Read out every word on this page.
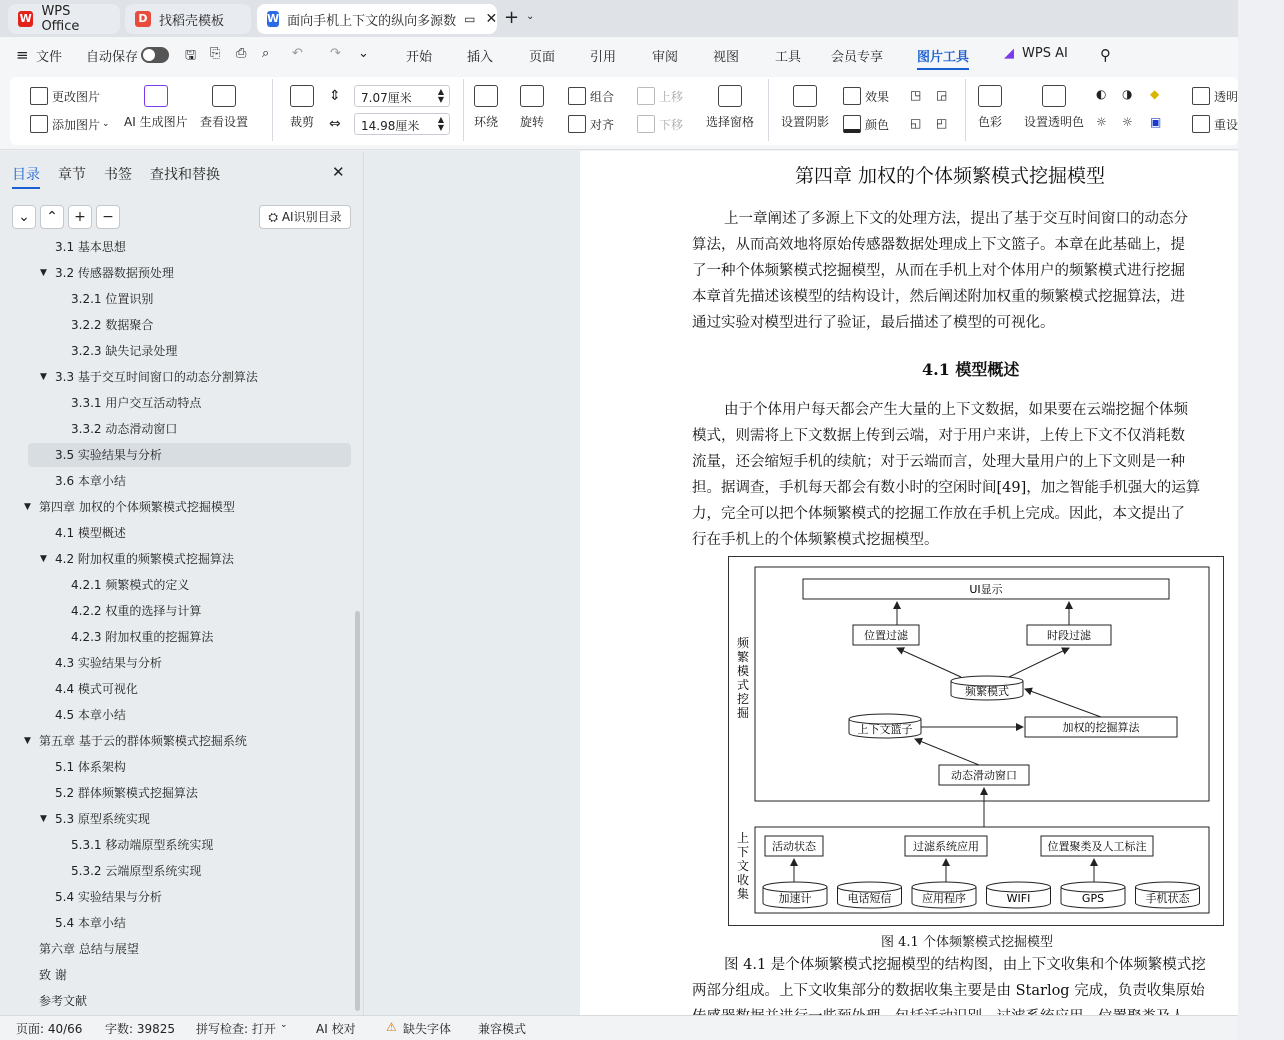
W WPS Office
D 找稻壳模板	W 面向手机上下文的纵向多源数 ▭ ✕ + ⌄
≡ 文件 自动保存	🖫 ⎘ ⎙ ⌕ ↶ ↷ ⌄	开始	插入	页面	引用	审阅	视图	工具 会员专享	图片工具	◢ WPS AI ⚲
更改图片
添加图片 ⌄ AI 生成图片 查看设置	裁剪
⇕	7.07厘米	▲
▼
⇔	14.98厘米 ▲
▼	环绕 旋转
组合
对齐
上移
下移 选择窗格 设置阴影
效果
颜色
◳ ◲
◱ ◰	色彩 设置透明色
◐ ◑
☼ ☼
◆
▣
透明
重设
目录 章节 书签 查找和替换	✕
⌄	⌃	+	−	⛭ AI识别目录
3.1 基本思想
3.2 传感器数据预处理
▼
3.2.1 位置识别
3.2.2 数据聚合
3.2.3 缺失记录处理
3.3 基于交互时间窗口的动态分割算法
▼
3.3.1 用户交互活动特点
3.3.2 动态滑动窗口
3.5 实验结果与分析
3.6 本章小结
第四章 加权的个体频繁模式挖掘模型
▼
4.1 模型概述
4.2 附加权重的频繁模式挖掘算法
▼
4.2.1 频繁模式的定义
4.2.2 权重的选择与计算
4.2.3 附加权重的挖掘算法
4.3 实验结果与分析
4.4 模式可视化
4.5 本章小结
第五章 基于云的群体频繁模式挖掘系统
▼
5.1 体系架构
5.2 群体频繁模式挖掘算法
5.3 原型系统实现
▼
5.3.1 移动端原型系统实现
5.3.2 云端原型系统实现
5.4 实验结果与分析
5.4 本章小结
第六章 总结与展望
致 谢
参考文献
第四章 加权的个体频繁模式挖掘模型
上一章阐述了多源上下文的处理方法，提出了基于交互时间窗口的动态分
算法，从而高效地将原始传感器数据处理成上下文篮子。本章在此基础上，提
了一种个体频繁模式挖掘模型，从而在手机上对个体用户的频繁模式进行挖掘
本章首先描述该模型的结构设计，然后阐述附加权重的频繁模式挖掘算法，进
通过实验对模型进行了验证，最后描述了模型的可视化。
4.1 模型概述
由于个体用户每天都会产生大量的上下文数据，如果要在云端挖掘个体频
模式，则需将上下文数据上传到云端，对于用户来讲，上传上下文不仅消耗数
流量，还会缩短手机的续航；对于云端而言，处理大量用户的上下文则是一种
担。据调查，手机每天都会有数小时的空闲时间[49]，加之智能手机强大的运算
力，完全可以把个体频繁模式的挖掘工作放在手机上完成。因此，本文提出了
行在手机上的个体频繁模式挖掘模型。
频繁模式挖掘
上下文收集
UI显示
位置过滤	时段过滤
频繁模式
上下文篮子	加权的挖掘算法
动态滑动窗口
活动状态	过滤系统应用	位置聚类及人工标注
加速计	电话短信	应用程序	WIFI	GPS	手机状态
图 4.1 个体频繁模式挖掘模型
图 4.1 是个体频繁模式挖掘模型的结构图，由上下文收集和个体频繁模式挖
两部分组成。上下文收集部分的数据收集主要是由 Starlog 完成，负责收集原始
页面: 40/66 字数: 39825 拼写检查: 打开 ⌄ AI 校对	⚠ 缺失字体 兼容模式
